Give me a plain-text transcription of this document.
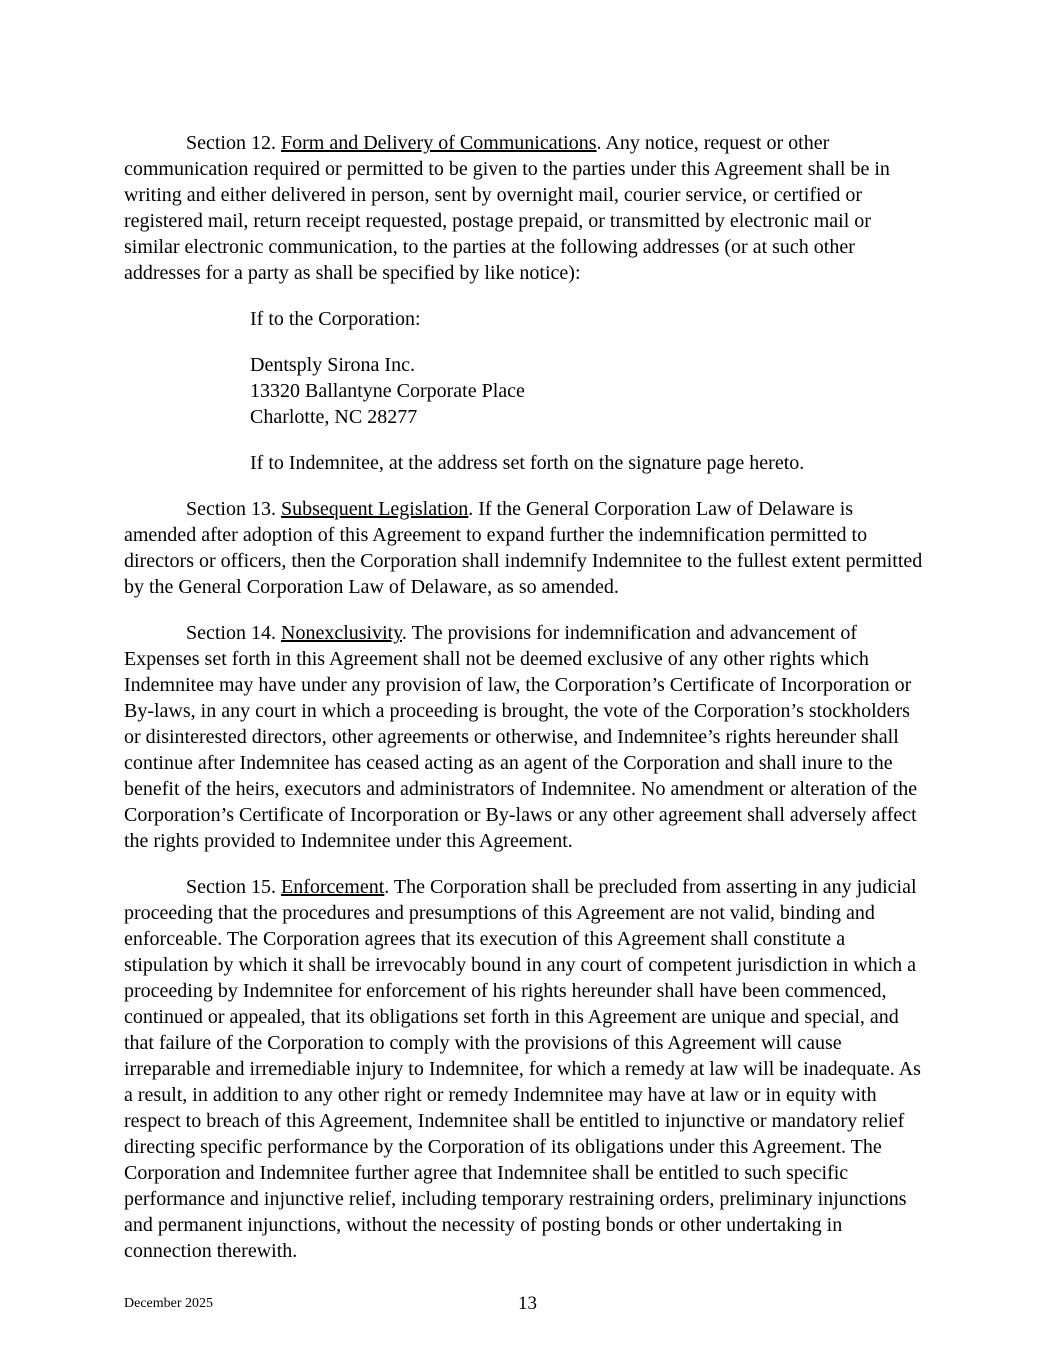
Section 12. Form and Delivery of Communications. Any notice, request or other communication required or permitted to be given to the parties under this Agreement shall be in writing and either delivered in person, sent by overnight mail, courier service, or certified or registered mail, return receipt requested, postage prepaid, or transmitted by electronic mail or similar electronic communication, to the parties at the following addresses (or at such other addresses for a party as shall be specified by like notice):

If to the Corporation:

Dentsply Sirona Inc.
13320 Ballantyne Corporate Place
Charlotte, NC 28277

If to Indemnitee, at the address set forth on the signature page hereto.

Section 13. Subsequent Legislation. If the General Corporation Law of Delaware is amended after adoption of this Agreement to expand further the indemnification permitted to directors or officers, then the Corporation shall indemnify Indemnitee to the fullest extent permitted by the General Corporation Law of Delaware, as so amended.

Section 14. Nonexclusivity. The provisions for indemnification and advancement of Expenses set forth in this Agreement shall not be deemed exclusive of any other rights which Indemnitee may have under any provision of law, the Corporation’s Certificate of Incorporation or By-laws, in any court in which a proceeding is brought, the vote of the Corporation’s stockholders or disinterested directors, other agreements or otherwise, and Indemnitee’s rights hereunder shall continue after Indemnitee has ceased acting as an agent of the Corporation and shall inure to the benefit of the heirs, executors and administrators of Indemnitee. No amendment or alteration of the Corporation’s Certificate of Incorporation or By-laws or any other agreement shall adversely affect the rights provided to Indemnitee under this Agreement.

Section 15. Enforcement. The Corporation shall be precluded from asserting in any judicial proceeding that the procedures and presumptions of this Agreement are not valid, binding and enforceable. The Corporation agrees that its execution of this Agreement shall constitute a stipulation by which it shall be irrevocably bound in any court of competent jurisdiction in which a proceeding by Indemnitee for enforcement of his rights hereunder shall have been commenced, continued or appealed, that its obligations set forth in this Agreement are unique and special, and that failure of the Corporation to comply with the provisions of this Agreement will cause irreparable and irremediable injury to Indemnitee, for which a remedy at law will be inadequate. As a result, in addition to any other right or remedy Indemnitee may have at law or in equity with respect to breach of this Agreement, Indemnitee shall be entitled to injunctive or mandatory relief directing specific performance by the Corporation of its obligations under this Agreement. The Corporation and Indemnitee further agree that Indemnitee shall be entitled to such specific performance and injunctive relief, including temporary restraining orders, preliminary injunctions and permanent injunctions, without the necessity of posting bonds or other undertaking in connection therewith.

December 2025	13
